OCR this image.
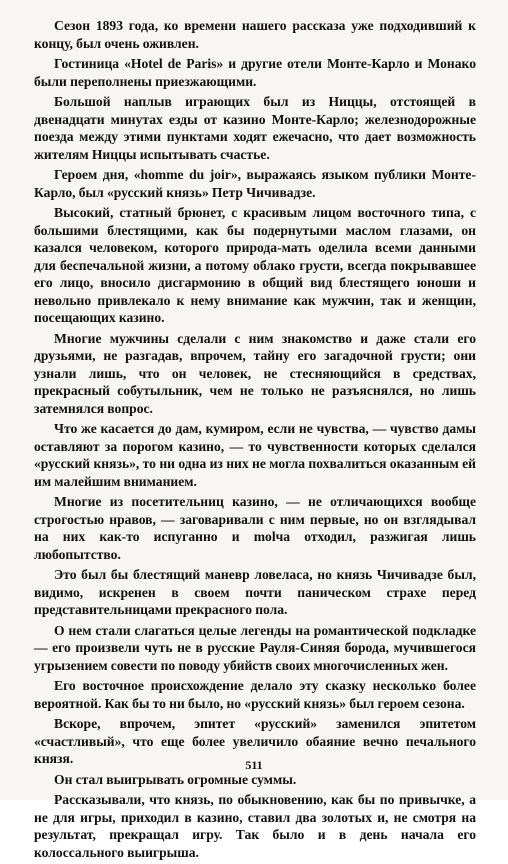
Сезон 1893 года, ко времени нашего рассказа уже подходивший к концу, был очень оживлен.

Гостиница «Hotel de Paris» и другие отели Монте-Карло и Монако были переполнены приезжающими.

Большой наплыв играющих был из Ниццы, отстоящей в двенадцати минутах езды от казино Монте-Карло; железнодорожные поезда между этими пунктами ходят ежечасно, что дает возможность жителям Ниццы испытывать счастье.

Героем дня, «homme du joir», выражаясь языком публики Монте-Карло, был «русский князь» Петр Чичивадзе.

Высокий, статный брюнет, с красивым лицом восточного типа, с большими блестящими, как бы подернутыми маслом глазами, он казался человеком, которого природа-мать оделила всеми данными для беспечальной жизни, а потому облако грусти, всегда покрывавшее его лицо, вносило дисгармонию в общий вид блестящего юноши и невольно привлекало к нему внимание как мужчин, так и женщин, посещающих казино.

Многие мужчины сделали с ним знакомство и даже стали его друзьями, не разгадав, впрочем, тайну его загадочной грусти; они узнали лишь, что он человек, не стесняющийся в средствах, прекрасный собутыльник, чем не только не разъяснялся, но лишь затемнялся вопрос.

Что же касается до дам, кумиром, если не чувства, — чувство дамы оставляют за порогом казино, — то чувственности которых сделался «русский князь», то ни одна из них не могла похвалиться оказанным ей им малейшим вниманием.

Многие из посетительниц казино, — не отличающихся вообще строгостью нравов, — заговаривали с ним первые, но он взглядывал на них как-то испуганно и molча отходил, разжигая лишь любопытство.

Это был бы блестящий маневр ловеласа, но князь Чичивадзе был, видимо, искренен в своем почти паническом страхе перед представительницами прекрасного пола.

О нем стали слагаться целые легенды на романтической подкладке — его произвели чуть не в русские Рауля-Синяя борода, мучившегося угрызением совести по поводу убийств своих многочисленных жен.

Его восточное происхождение делало эту сказку несколько более вероятной. Как бы то ни было, но «русский князь» был героем сезона.

Вскоре, впрочем, эпитет «русский» заменился эпитетом «счастливый», что еще более увеличило обаяние вечно печального князя.

Он стал выигрывать огромные суммы.

Рассказывали, что князь, по обыкновению, как бы по привычке, а не для игры, приходил в казино, ставил два золотых и, не смотря на результат, прекращал игру. Так было и в день начала его колоссального выигрыша.

511
